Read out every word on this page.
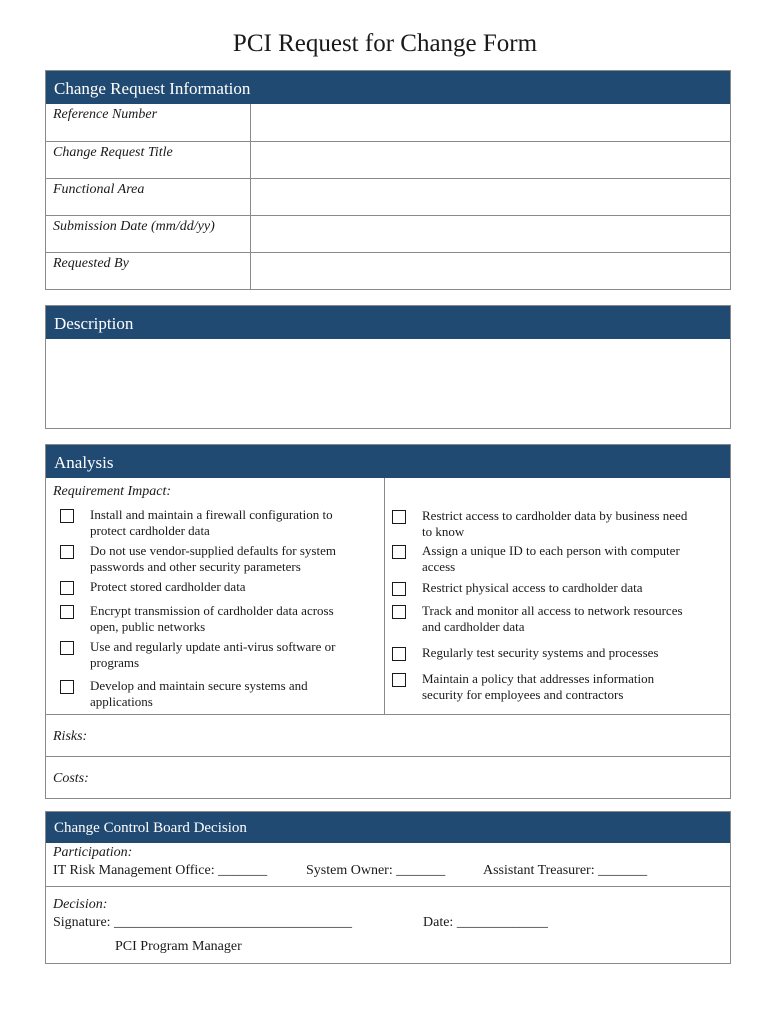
PCI Request for Change Form
Change Request Information
Reference Number
Change Request Title
Functional Area
Submission Date (mm/dd/yy)
Requested By
Description
Analysis
Requirement Impact:
Install and maintain a firewall configuration to protect cardholder data
Do not use vendor-supplied defaults for system passwords and other security parameters
Protect stored cardholder data
Encrypt transmission of cardholder data across open, public networks
Use and regularly update anti-virus software or programs
Develop and maintain secure systems and applications
Restrict access to cardholder data by business need to know
Assign a unique ID to each person with computer access
Restrict physical access to cardholder data
Track and monitor all access to network resources and cardholder data
Regularly test security systems and processes
Maintain a policy that addresses information security for employees and contractors
Risks:
Costs:
Change Control Board Decision
Participation:
IT Risk Management Office: _______	System Owner: _______	Assistant Treasurer: _______
Decision:
Signature: __________________________________	Date: _____________
PCI Program Manager
